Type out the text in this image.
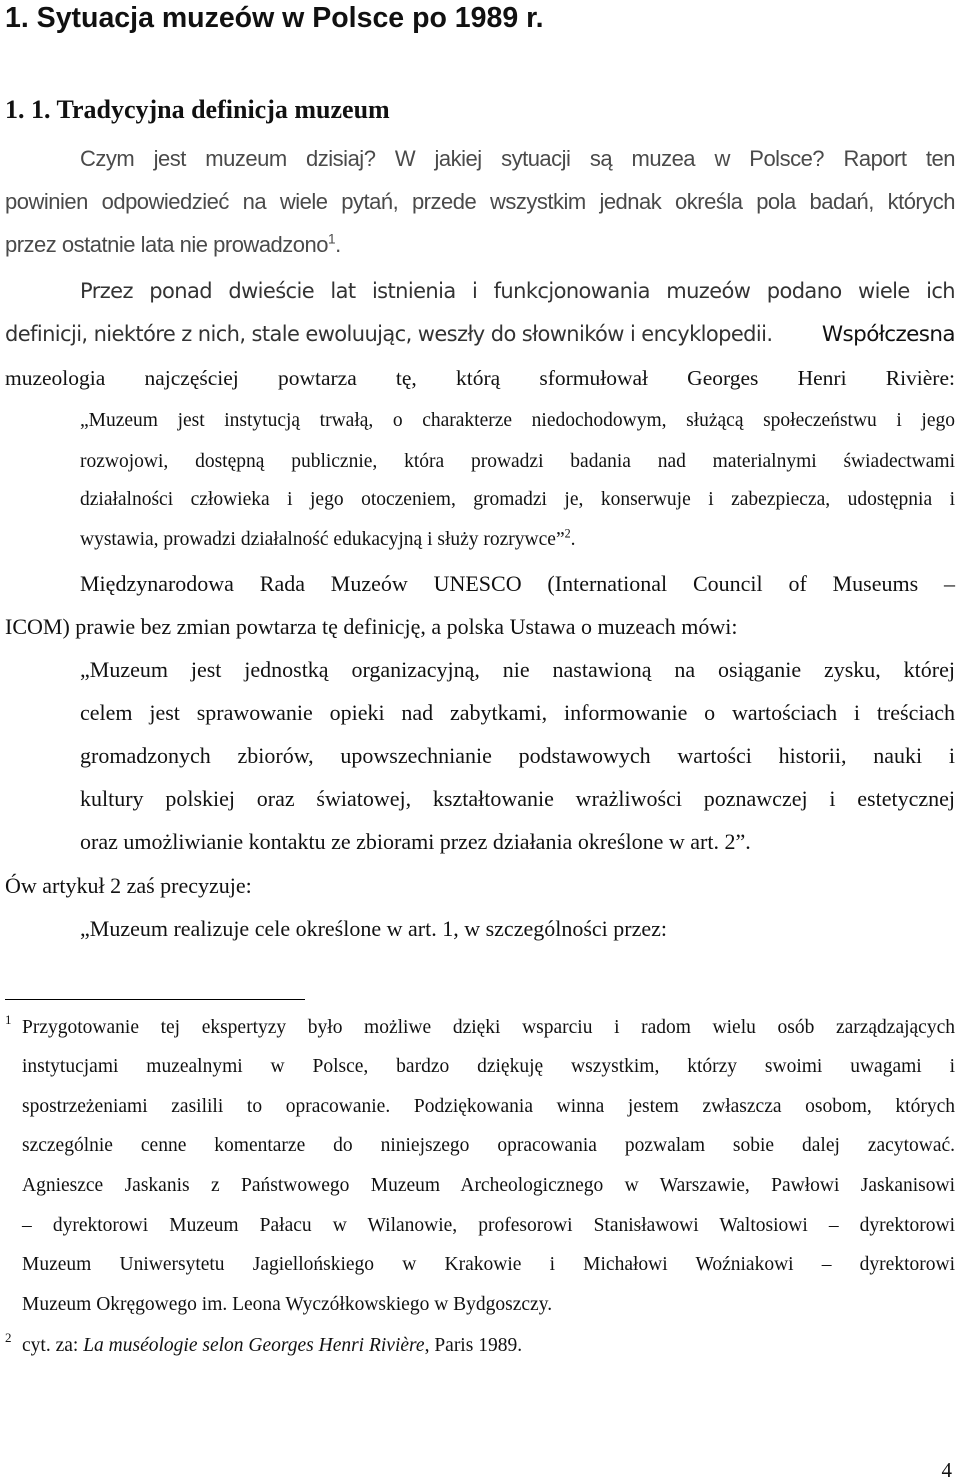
1. Sytuacja muzeów w Polsce po 1989 r.
1. 1. Tradycyjna definicja muzeum
Czym jest muzeum dzisiaj? W jakiej sytuacji są muzea w Polsce? Raport ten
powinien odpowiedzieć na wiele pytań, przede wszystkim jednak określa pola badań, których
przez ostatnie lata nie prowadzono$^1$.
Przez ponad dwieście lat istnienia i funkcjonowania muzeów podano wiele ich
definicji, niektóre z nich, stale ewoluując, weszły do słowników i encyklopedii. Współczesna
muzeologia najczęściej powtarza tę, którą sformułował Georges Henri Rivière:
„Muzeum jest instytucją trwałą, o charakterze niedochodowym, służącą społeczeństwu i jego
rozwojowi, dostępną publicznie, która prowadzi badania nad materialnymi świadectwami
działalności człowieka i jego otoczeniem, gromadzi je, konserwuje i zabezpiecza, udostępnia i
wystawia, prowadzi działalność edukacyjną i służy rozrywce”$^2$.
Międzynarodowa Rada Muzeów UNESCO (International Council of Museums –
ICOM) prawie bez zmian powtarza tę definicję, a polska Ustawa o muzeach mówi:
„Muzeum jest jednostką organizacyjną, nie nastawioną na osiąganie zysku, której
celem jest sprawowanie opieki nad zabytkami, informowanie o wartościach i treściach
gromadzonych zbiorów, upowszechnianie podstawowych wartości historii, nauki i
kultury polskiej oraz światowej, kształtowanie wrażliwości poznawczej i estetycznej
oraz umożliwianie kontaktu ze zbiorami przez działania określone w art. 2”.
Ów artykuł 2 zaś precyzuje:
„Muzeum realizuje cele określone w art. 1, w szczególności przez:
1 Przygotowanie tej ekspertyzy było możliwe dzięki wsparciu i radom wielu osób zarządzających
instytucjami muzealnymi w Polsce, bardzo dziękuję wszystkim, którzy swoimi uwagami i
spostrzeżeniami zasilili to opracowanie. Podziękowania winna jestem zwłaszcza osobom, których
szczególnie cenne komentarze do niniejszego opracowania pozwalam sobie dalej zacytować.
Agnieszce Jaskanis z Państwowego Muzeum Archeologicznego w Warszawie, Pawłowi Jaskanisowi
– dyrektorowi Muzeum Pałacu w Wilanowie, profesorowi Stanisławowi Waltosiowi – dyrektorowi
Muzeum Uniwersytetu Jagiellońskiego w Krakowie i Michałowi Woźniakowi – dyrektorowi
Muzeum Okręgowego im. Leona Wyczółkowskiego w Bydgoszczy.
2 cyt. za: La muséologie selon Georges Henri Rivière, Paris 1989.
4
